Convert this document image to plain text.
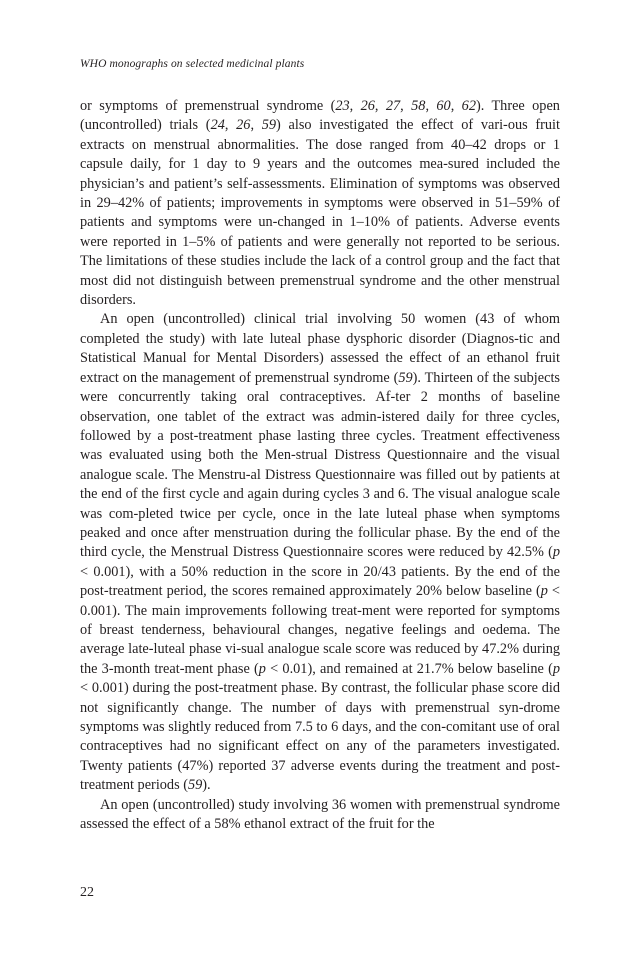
WHO monographs on selected medicinal plants

or symptoms of premenstrual syndrome (23, 26, 27, 58, 60, 62). Three open (uncontrolled) trials (24, 26, 59) also investigated the effect of vari-ous fruit extracts on menstrual abnormalities. The dose ranged from 40–42 drops or 1 capsule daily, for 1 day to 9 years and the outcomes mea-sured included the physician’s and patient’s self-assessments. Elimination of symptoms was observed in 29–42% of patients; improvements in symptoms were observed in 51–59% of patients and symptoms were un-changed in 1–10% of patients. Adverse events were reported in 1–5% of patients and were generally not reported to be serious. The limitations of these studies include the lack of a control group and the fact that most did not distinguish between premenstrual syndrome and the other menstrual disorders.

An open (uncontrolled) clinical trial involving 50 women (43 of whom completed the study) with late luteal phase dysphoric disorder (Diagnos-tic and Statistical Manual for Mental Disorders) assessed the effect of an ethanol fruit extract on the management of premenstrual syndrome (59). Thirteen of the subjects were concurrently taking oral contraceptives. Af-ter 2 months of baseline observation, one tablet of the extract was admin-istered daily for three cycles, followed by a post-treatment phase lasting three cycles. Treatment effectiveness was evaluated using both the Men-strual Distress Questionnaire and the visual analogue scale. The Menstru-al Distress Questionnaire was filled out by patients at the end of the first cycle and again during cycles 3 and 6. The visual analogue scale was com-pleted twice per cycle, once in the late luteal phase when symptoms peaked and once after menstruation during the follicular phase. By the end of the third cycle, the Menstrual Distress Questionnaire scores were reduced by 42.5% (p < 0.001), with a 50% reduction in the score in 20/43 patients. By the end of the post-treatment period, the scores remained approximately 20% below baseline (p < 0.001). The main improvements following treat-ment were reported for symptoms of breast tenderness, behavioural changes, negative feelings and oedema. The average late-luteal phase vi-sual analogue scale score was reduced by 47.2% during the 3-month treat-ment phase (p < 0.01), and remained at 21.7% below baseline (p < 0.001) during the post-treatment phase. By contrast, the follicular phase score did not significantly change. The number of days with premenstrual syn-drome symptoms was slightly reduced from 7.5 to 6 days, and the con-comitant use of oral contraceptives had no significant effect on any of the parameters investigated. Twenty patients (47%) reported 37 adverse events during the treatment and post-treatment periods (59).

An open (uncontrolled) study involving 36 women with premenstrual syndrome assessed the effect of a 58% ethanol extract of the fruit for the

22
